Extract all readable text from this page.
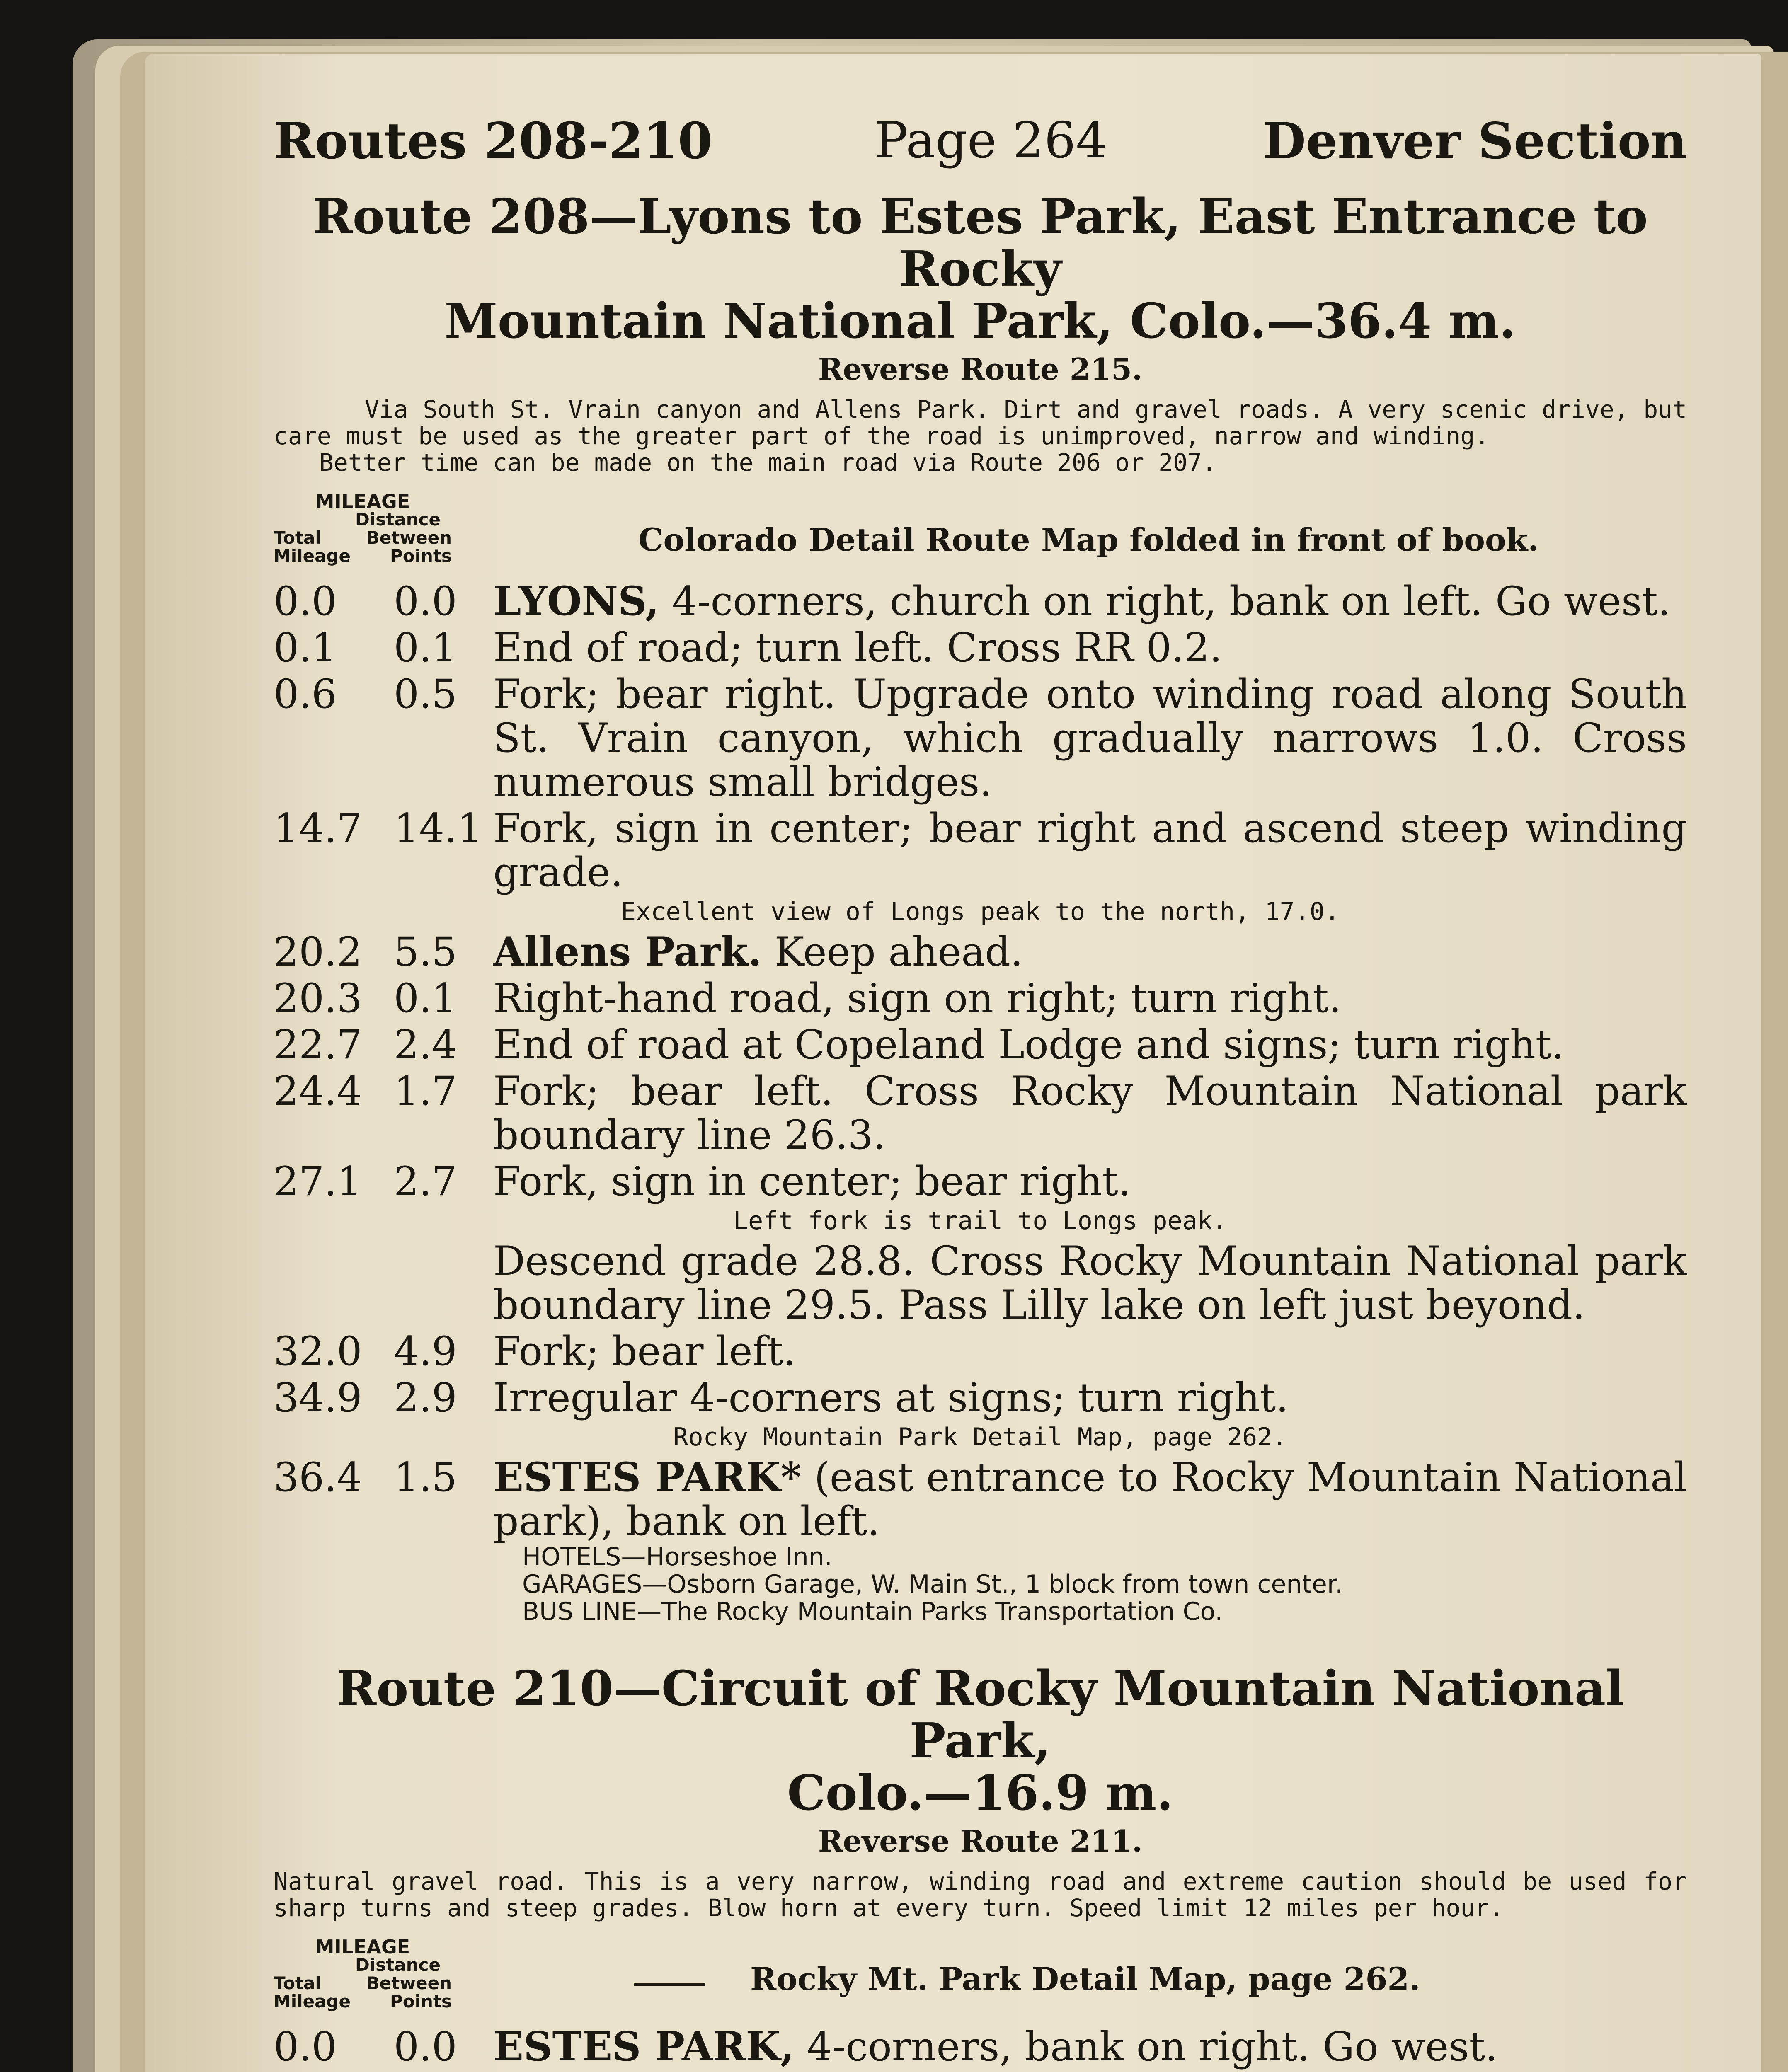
Routes 208-210	Page 264	Denver Section
Route 208—Lyons to Estes Park, East Entrance to Rocky
Mountain National Park, Colo.—36.4 m.
Reverse Route 215.
Via South St. Vrain canyon and Allens Park. Dirt and gravel roads. A very scenic drive, but care must be used as the greater part of the road is unimproved, narrow and winding.
Better time can be made on the main road via Route 206 or 207.
MILEAGE
Distance
Total	Between
Mileage Points	Colorado Detail Route Map folded in front of book.
0.0	0.0 LYONS, 4-corners, church on right, bank on left. Go west.
0.1	0.1 End of road; turn left. Cross RR 0.2.
0.6	0.5 Fork; bear right. Upgrade onto winding road along South St. Vrain canyon, which gradually narrows 1.0. Cross numerous small bridges.
14.7 14.1 Fork, sign in center; bear right and ascend steep winding grade.
Excellent view of Longs peak to the north, 17.0.
20.2 5.5 Allens Park. Keep ahead.
20.3 0.1 Right-hand road, sign on right; turn right.
22.7 2.4 End of road at Copeland Lodge and signs; turn right.
24.4 1.7 Fork; bear left. Cross Rocky Mountain National park boundary line 26.3.
27.1 2.7 Fork, sign in center; bear right.
Left fork is trail to Longs peak.
Descend grade 28.8. Cross Rocky Mountain National park boundary line 29.5. Pass Lilly lake on left just beyond.
32.0 4.9 Fork; bear left.
34.9 2.9 Irregular 4-corners at signs; turn right.
Rocky Mountain Park Detail Map, page 262.
36.4 1.5 ESTES PARK* (east entrance to Rocky Mountain National park), bank on left.
HOTELS—Horseshoe Inn.
GARAGES—Osborn Garage, W. Main St., 1 block from town center.
BUS LINE—The Rocky Mountain Parks Transportation Co.
Route 210—Circuit of Rocky Mountain National Park,
Colo.—16.9 m.
Reverse Route 211.
Natural gravel road. This is a very narrow, winding road and extreme caution should be used for sharp turns and steep grades. Blow horn at every turn. Speed limit 12 miles per hour.
MILEAGE
Distance
Total	Between
Mileage Points
Rocky Mt. Park Detail Map, page 262.
0.0	0.0 ESTES PARK, 4-corners, bank on right. Go west.
